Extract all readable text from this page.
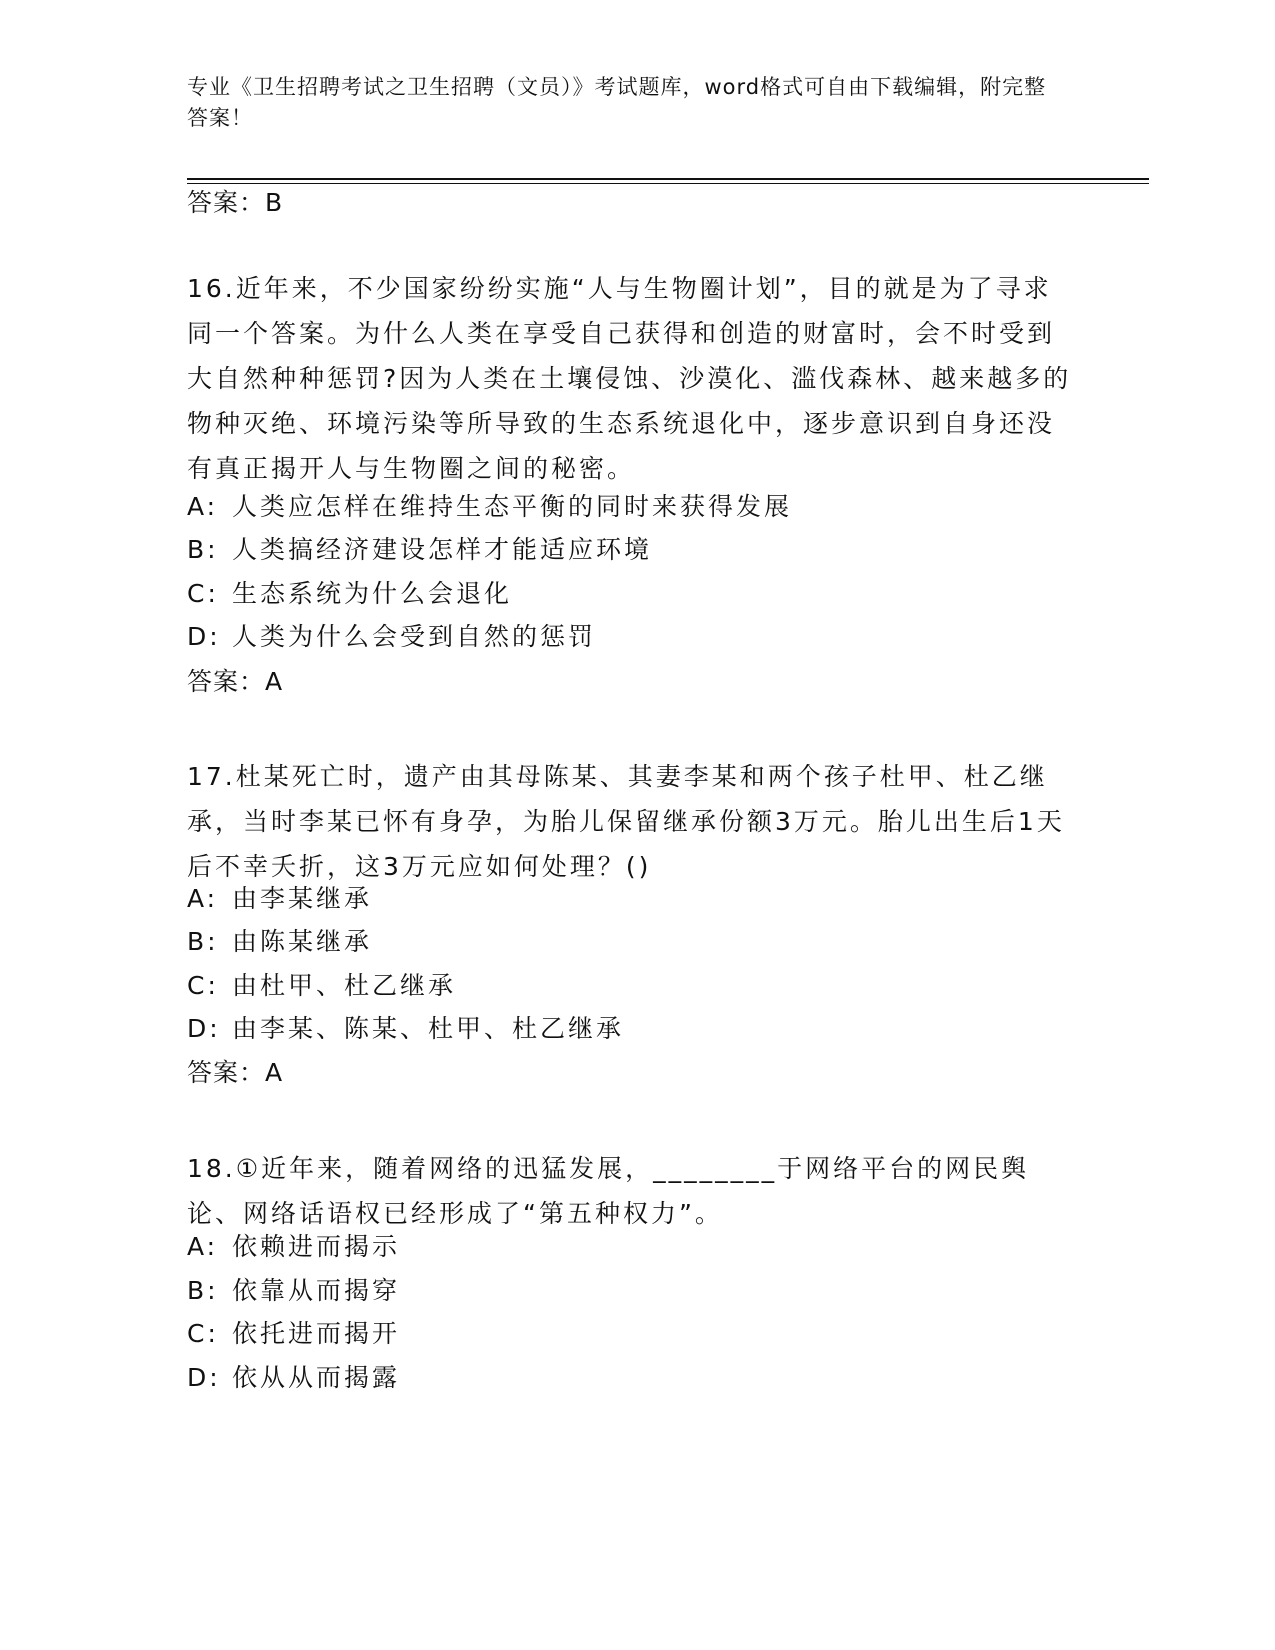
专业《卫生招聘考试之卫生招聘（文员）》考试题库，word格式可自由下载编辑，附完整答案！
答案：B
16.近年来，不少国家纷纷实施“人与生物圈计划”，目的就是为了寻求同一个答案。为什么人类在享受自己获得和创造的财富时，会不时受到大自然种种惩罚?因为人类在土壤侵蚀、沙漠化、滥伐森林、越来越多的物种灭绝、环境污染等所导致的生态系统退化中，逐步意识到自身还没有真正揭开人与生物圈之间的秘密。
A: 人类应怎样在维持生态平衡的同时来获得发展
B: 人类搞经济建设怎样才能适应环境
C: 生态系统为什么会退化
D: 人类为什么会受到自然的惩罚
答案：A
17.杜某死亡时，遗产由其母陈某、其妻李某和两个孩子杜甲、杜乙继承，当时李某已怀有身孕，为胎儿保留继承份额3万元。胎儿出生后1天后不幸夭折，这3万元应如何处理？()
A: 由李某继承
B: 由陈某继承
C: 由杜甲、杜乙继承
D: 由李某、陈某、杜甲、杜乙继承
答案：A
18.①近年来，随着网络的迅猛发展，________于网络平台的网民舆论、网络话语权已经形成了“第五种权力”。
A: 依赖进而揭示
B: 依靠从而揭穿
C: 依托进而揭开
D: 依从从而揭露
